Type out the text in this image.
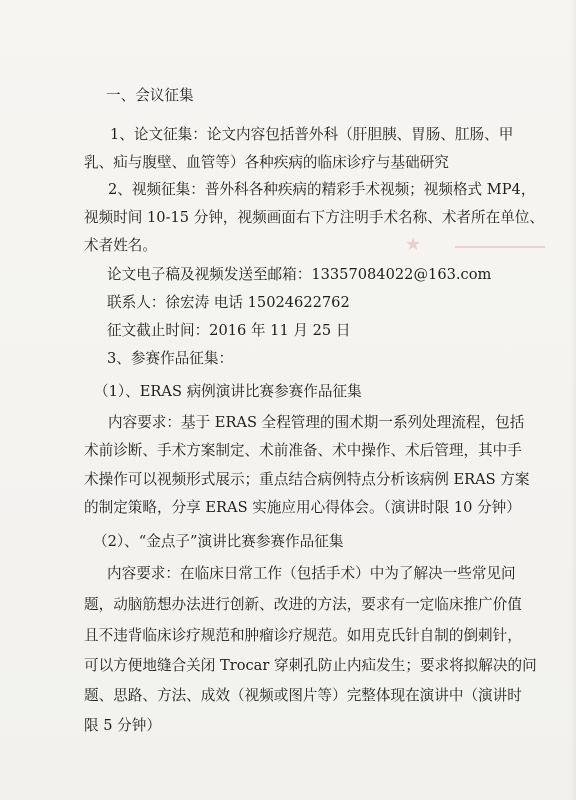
★
一、会议征集
1、论文征集：论文内容包括普外科（肝胆胰、胃肠、肛肠、甲
乳、疝与腹壁、血管等）各种疾病的临床诊疗与基础研究
2、视频征集：普外科各种疾病的精彩手术视频；视频格式 MP4，
视频时间 10-15 分钟，视频画面右下方注明手术名称、术者所在单位、
术者姓名。
论文电子稿及视频发送至邮箱：13357084022@163.com
联系人：徐宏涛 电话 15024622762
征文截止时间：2016 年 11 月 25 日
3、参赛作品征集：
（1）、ERAS 病例演讲比赛参赛作品征集
内容要求：基于 ERAS 全程管理的围术期一系列处理流程，包括
术前诊断、手术方案制定、术前准备、术中操作、术后管理，其中手
术操作可以视频形式展示；重点结合病例特点分析该病例 ERAS 方案
的制定策略，分享 ERAS 实施应用心得体会。（演讲时限 10 分钟）
（2）、“金点子”演讲比赛参赛作品征集
内容要求：在临床日常工作（包括手术）中为了解决一些常见问
题，动脑筋想办法进行创新、改进的方法，要求有一定临床推广价值
且不违背临床诊疗规范和肿瘤诊疗规范。如用克氏针自制的倒刺针，
可以方便地缝合关闭 Trocar 穿刺孔防止内疝发生；要求将拟解决的问
题、思路、方法、成效（视频或图片等）完整体现在演讲中（演讲时
限 5 分钟）
